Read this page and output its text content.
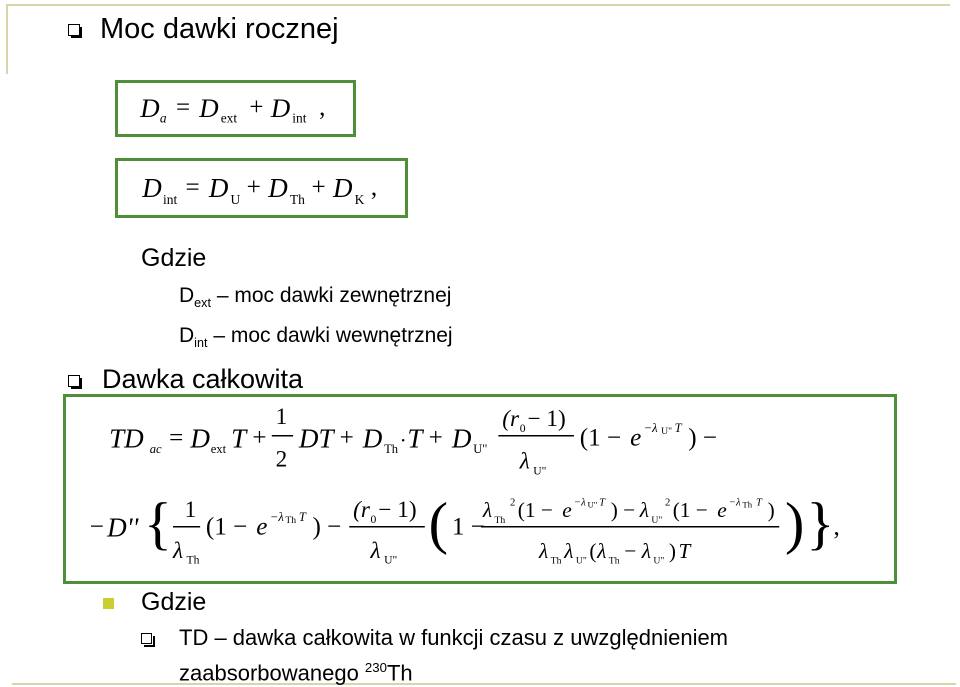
Moc dawki rocznej
D a = D ext + D int ,
D int = D U + D Th + D K ,
Gdzie
$D_{ext}$ – moc dawki zewnętrznej
$D_{int}$ – moc dawki wewnętrznej
Dawka całkowita
TD ac = D ext T +
1
2
DT + D Th · T + D U"
(r 0 − 1)
λ U"
(1 − e −λ U" T ) −
− D'' { 1
λ Th
(1 − e −λ Th T ) −
(r 0 − 1)
λ U"
( 1 −
λ Th
2 (1 − e −λ U" T ) − λ U"
2 (1 − e −λ Th T )
λ Th λ U" ( λ Th − λ U" ) T ) } ,
Gdzie
TD – dawka całkowita w funkcji czasu z uwzględnieniem
zaabsorbowanego $^{230}$Th
